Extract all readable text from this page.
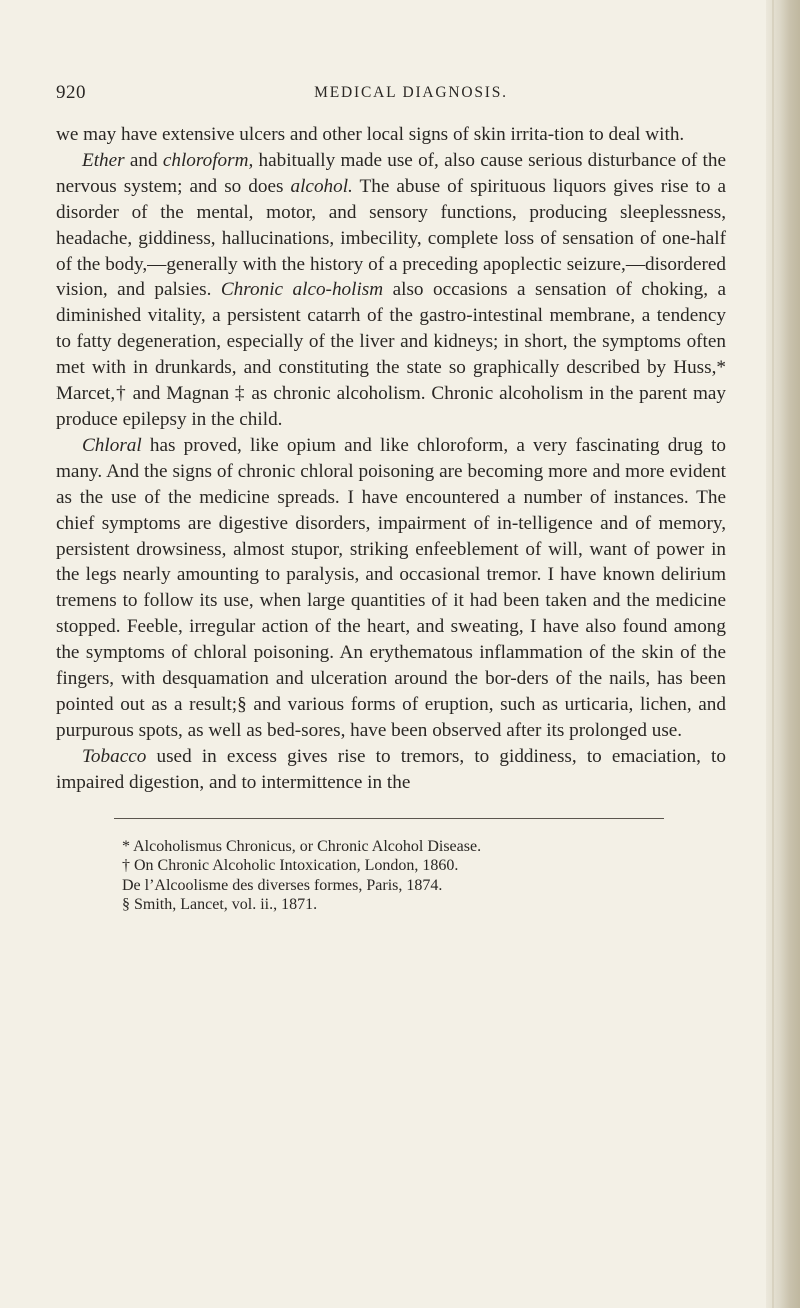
920	MEDICAL DIAGNOSIS.

we may have extensive ulcers and other local signs of skin irrita-tion to deal with.

Ether and chloroform, habitually made use of, also cause serious disturbance of the nervous system; and so does alcohol. The abuse of spirituous liquors gives rise to a disorder of the mental, motor, and sensory functions, producing sleeplessness, headache, giddiness, hallucinations, imbecility, complete loss of sensation of one-half of the body,—generally with the history of a preceding apoplectic seizure,—disordered vision, and palsies. Chronic alco-holism also occasions a sensation of choking, a diminished vitality, a persistent catarrh of the gastro-intestinal membrane, a tendency to fatty degeneration, especially of the liver and kidneys; in short, the symptoms often met with in drunkards, and constituting the state so graphically described by Huss,* Marcet,† and Magnan ‡ as chronic alcoholism. Chronic alcoholism in the parent may produce epilepsy in the child.

Chloral has proved, like opium and like chloroform, a very fascinating drug to many. And the signs of chronic chloral poisoning are becoming more and more evident as the use of the medicine spreads. I have encountered a number of instances. The chief symptoms are digestive disorders, impairment of in-telligence and of memory, persistent drowsiness, almost stupor, striking enfeeblement of will, want of power in the legs nearly amounting to paralysis, and occasional tremor. I have known delirium tremens to follow its use, when large quantities of it had been taken and the medicine stopped. Feeble, irregular action of the heart, and sweating, I have also found among the symptoms of chloral poisoning. An erythematous inflammation of the skin of the fingers, with desquamation and ulceration around the bor-ders of the nails, has been pointed out as a result;§ and various forms of eruption, such as urticaria, lichen, and purpurous spots, as well as bed-sores, have been observed after its prolonged use.

Tobacco used in excess gives rise to tremors, to giddiness, to emaciation, to impaired digestion, and to intermittence in the

* Alcoholismus Chronicus, or Chronic Alcohol Disease.

† On Chronic Alcoholic Intoxication, London, 1860.

De l’Alcoolisme des diverses formes, Paris, 1874.

§ Smith, Lancet, vol. ii., 1871.
